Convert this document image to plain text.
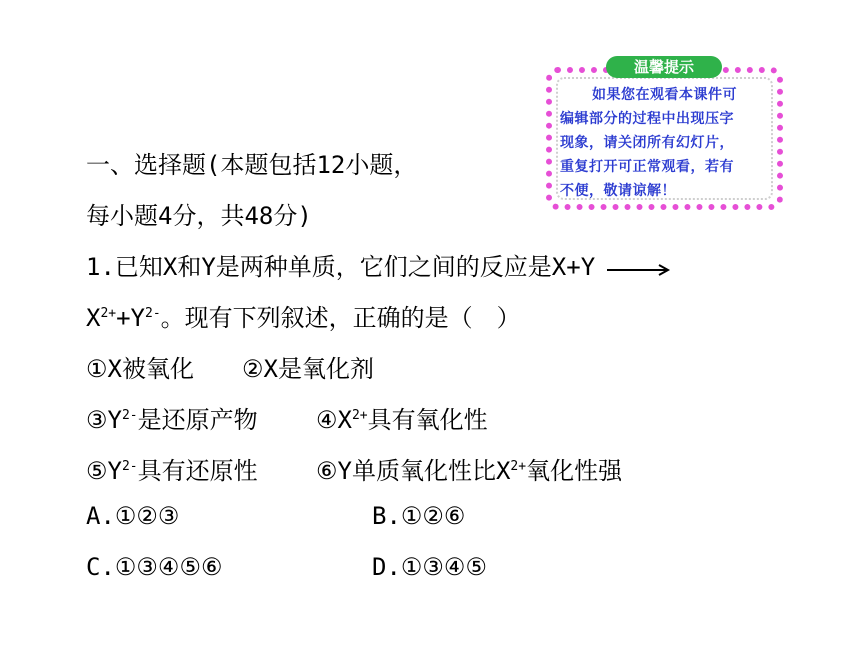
温馨提示
如果您在观看本课件可
编辑部分的过程中出现压字
现象，请关闭所有幻灯片，
重复打开可正常观看，若有
不便，敬请谅解！
一、选择题(本题包括12小题，
每小题4分，共48分)
1.已知X和Y是两种单质，它们之间的反应是X+Y →
$X^{2+}+Y^{2-}$。现有下列叙述，正确的是（　）
①X被氧化 ②X是氧化剂
$③Y^{2-}$是还原产物 $④X^{2+}$具有氧化性
$⑤Y^{2-}$具有还原性 ⑥Y单质氧化性比$X^{2+}$氧化性强
A.①②③	B.①②⑥
C.①③④⑤⑥	D.①③④⑤
